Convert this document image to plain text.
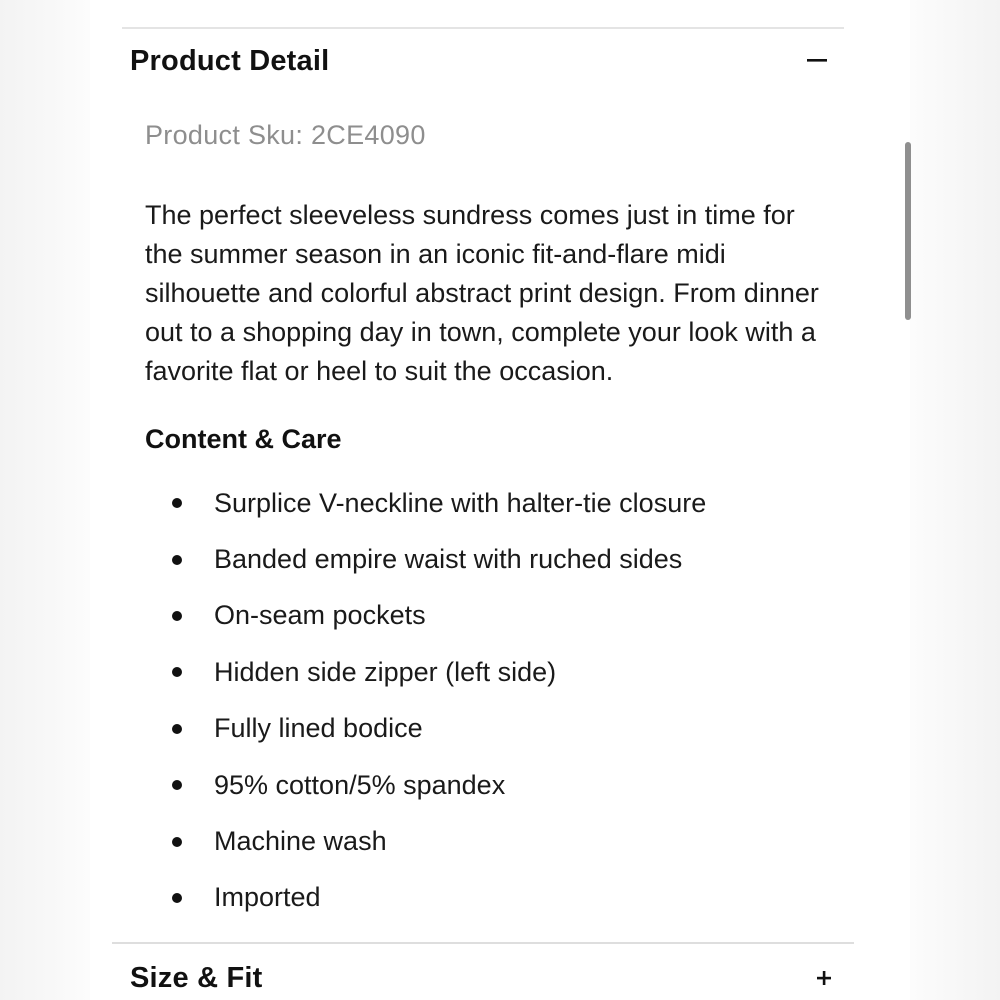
Product Detail
Product Sku: 2CE4090

The perfect sleeveless sundress comes just in time for the summer season in an iconic fit-and-flare midi silhouette and colorful abstract print design. From dinner out to a shopping day in town, complete your look with a favorite flat or heel to suit the occasion.

Content & Care
Surplice V-neckline with halter-tie closure
Banded empire waist with ruched sides
On-seam pockets
Hidden side zipper (left side)
Fully lined bodice
95% cotton/5% spandex
Machine wash
Imported
Size & Fit
